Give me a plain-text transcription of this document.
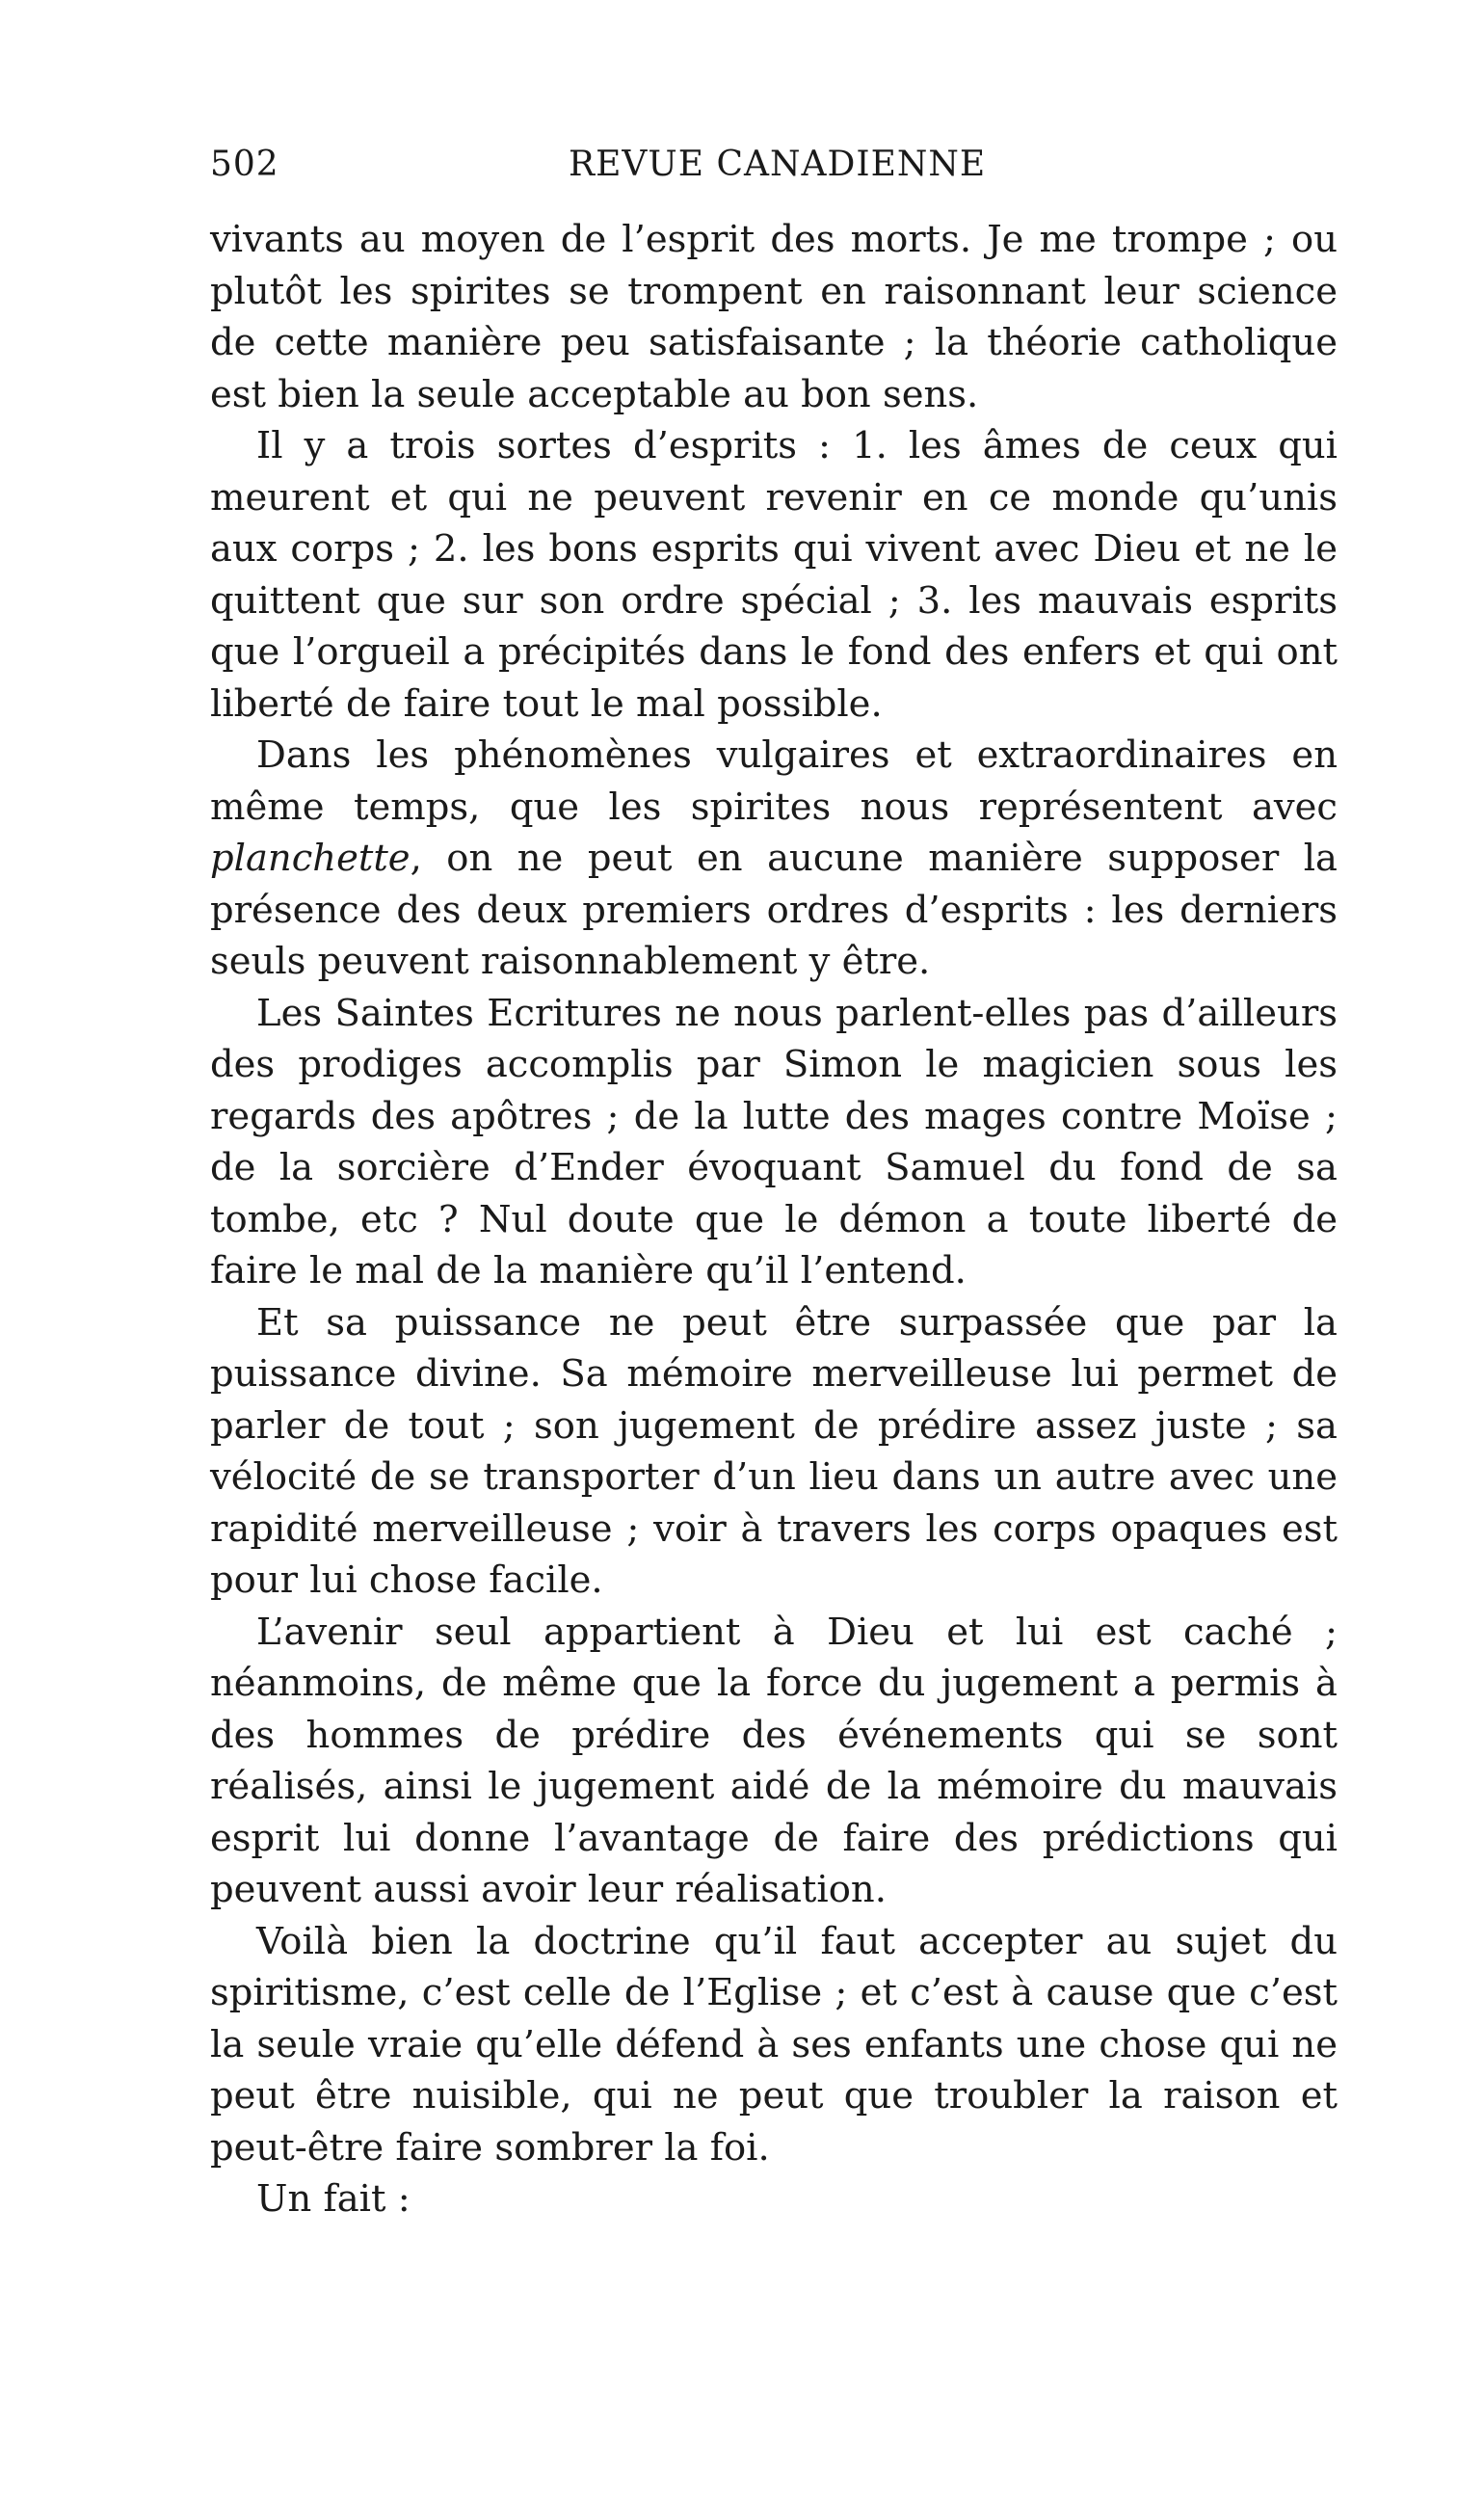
502	REVUE CANADIENNE

vivants au moyen de l’esprit des morts. Je me trompe ; ou plutôt les spirites se trompent en raisonnant leur science de cette manière peu satisfaisante ; la théorie catholique est bien la seule acceptable au bon sens.

Il y a trois sortes d’esprits : 1. les âmes de ceux qui meurent et qui ne peuvent revenir en ce monde qu’unis aux corps ; 2. les bons esprits qui vivent avec Dieu et ne le quittent que sur son ordre spécial ; 3. les mauvais esprits que l’orgueil a précipités dans le fond des enfers et qui ont liberté de faire tout le mal possible.

Dans les phénomènes vulgaires et extraordinaires en même temps, que les spirites nous représentent avec planchette, on ne peut en aucune manière supposer la présence des deux premiers ordres d’esprits : les derniers seuls peuvent raisonnablement y être.

Les Saintes Ecritures ne nous parlent-elles pas d’ailleurs des prodiges accomplis par Simon le magicien sous les regards des apôtres ; de la lutte des mages contre Moïse ; de la sorcière d’Ender évoquant Samuel du fond de sa tombe, etc ? Nul doute que le démon a toute liberté de faire le mal de la manière qu’il l’entend.

Et sa puissance ne peut être surpassée que par la puissance divine. Sa mémoire merveilleuse lui permet de parler de tout ; son jugement de prédire assez juste ; sa vélocité de se transporter d’un lieu dans un autre avec une rapidité merveilleuse ; voir à travers les corps opaques est pour lui chose facile.

L’avenir seul appartient à Dieu et lui est caché ; néanmoins, de même que la force du jugement a permis à des hommes de prédire des événements qui se sont réalisés, ainsi le jugement aidé de la mémoire du mauvais esprit lui donne l’avantage de faire des prédictions qui peuvent aussi avoir leur réalisation.

Voilà bien la doctrine qu’il faut accepter au sujet du spiritisme, c’est celle de l’Eglise ; et c’est à cause que c’est la seule vraie qu’elle défend à ses enfants une chose qui ne peut être nuisible, qui ne peut que troubler la raison et peut-être faire sombrer la foi.

Un fait :
